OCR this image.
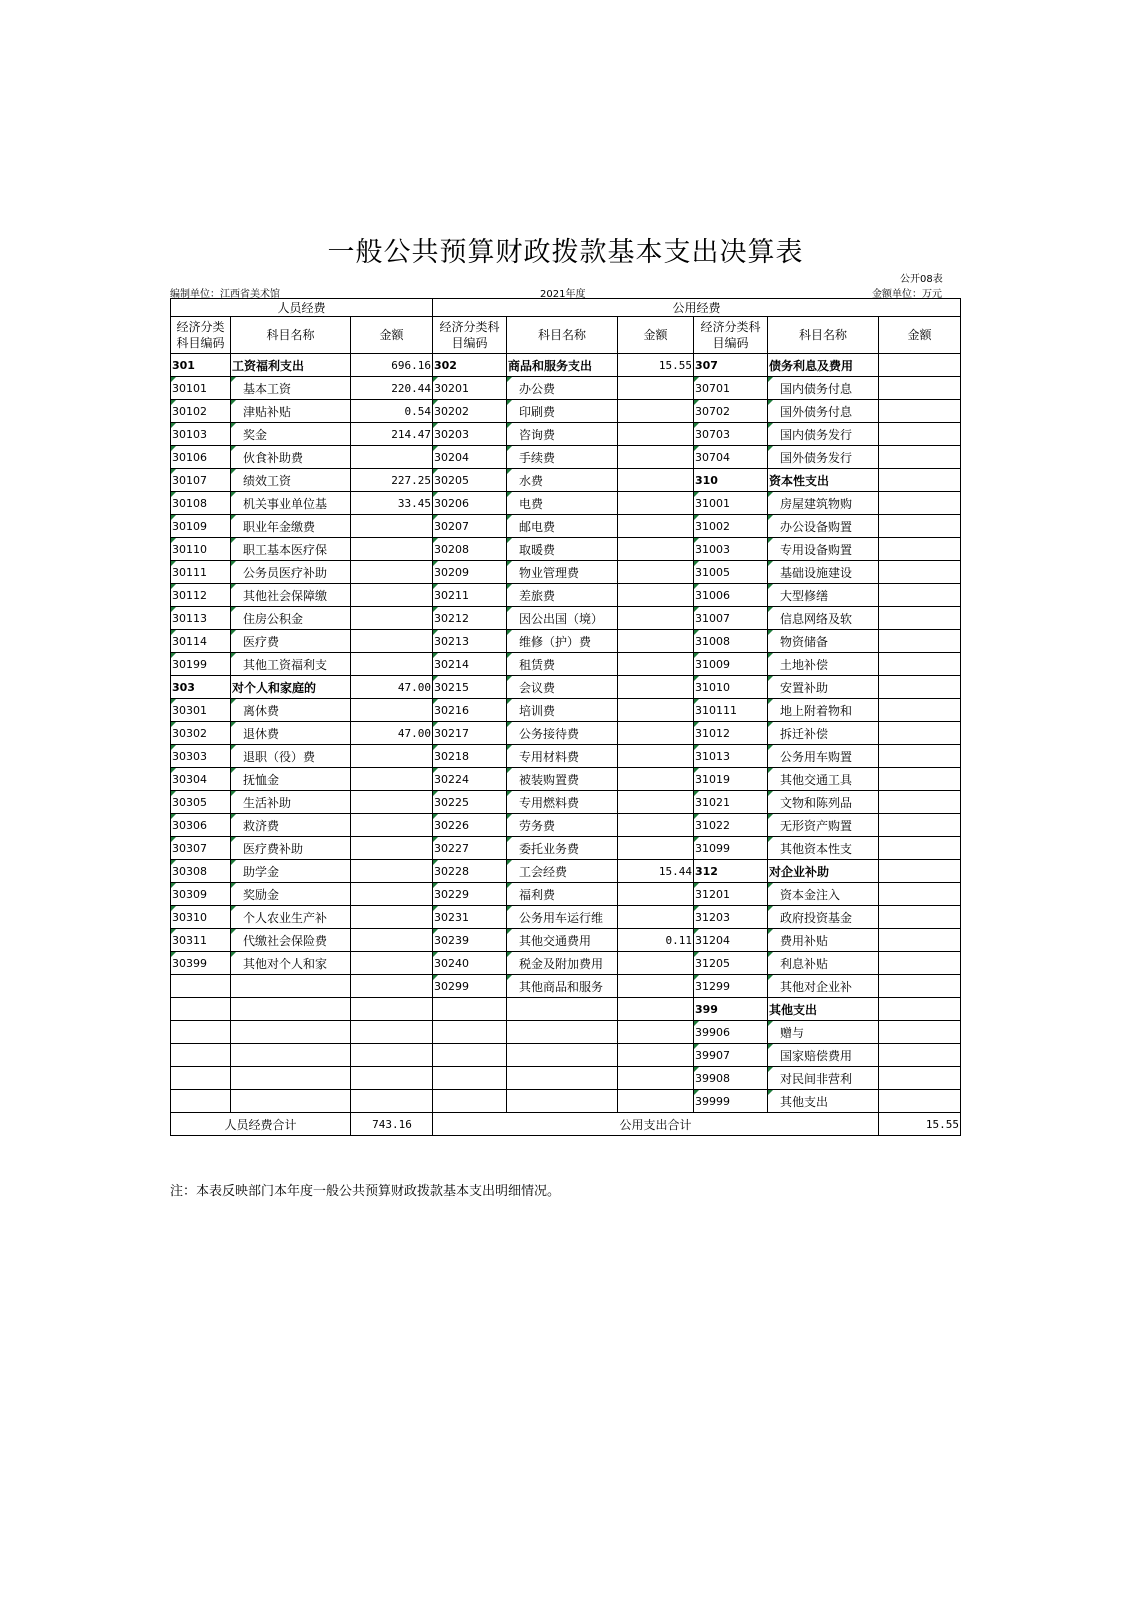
一般公共预算财政拨款基本支出决算表
公开08表
编制单位：江西省美术馆	2021年度	金额单位：万元
人员经费			公用经费					
经济分类科目编码	科目名称	金额	经济分类科目编码	科目名称	金额	经济分类科目编码	科目名称	金额
301	工资福利支出	696.16	302	商品和服务支出	15.55	307	债务利息及费用	
30101	基本工资	220.44	30201	办公费		30701	国内债务付息	
30102	津贴补贴	0.54	30202	印刷费		30702	国外债务付息	
30103	奖金	214.47	30203	咨询费		30703	国内债务发行	
30106	伙食补助费		30204	手续费		30704	国外债务发行	
30107	绩效工资	227.25	30205	水费		310	资本性支出	
30108	机关事业单位基	33.45	30206	电费		31001	房屋建筑物购	
30109	职业年金缴费		30207	邮电费		31002	办公设备购置	
30110	职工基本医疗保		30208	取暖费		31003	专用设备购置	
30111	公务员医疗补助		30209	物业管理费		31005	基础设施建设	
30112	其他社会保障缴		30211	差旅费		31006	大型修缮	
30113	住房公积金		30212	因公出国（境）		31007	信息网络及软	
30114	医疗费		30213	维修（护）费		31008	物资储备	
30199	其他工资福利支		30214	租赁费		31009	土地补偿	
303	对个人和家庭的	47.00	30215	会议费		31010	安置补助	
30301	离休费		30216	培训费		310111	地上附着物和	
30302	退休费	47.00	30217	公务接待费		31012	拆迁补偿	
30303	退职（役）费		30218	专用材料费		31013	公务用车购置	
30304	抚恤金		30224	被装购置费		31019	其他交通工具	
30305	生活补助		30225	专用燃料费		31021	文物和陈列品	
30306	救济费		30226	劳务费		31022	无形资产购置	
30307	医疗费补助		30227	委托业务费		31099	其他资本性支	
30308	助学金		30228	工会经费	15.44	312	对企业补助	
30309	奖励金		30229	福利费		31201	资本金注入	
30310	个人农业生产补		30231	公务用车运行维		31203	政府投资基金	
30311	代缴社会保险费		30239	其他交通费用	0.11	31204	费用补贴	
30399	其他对个人和家		30240	税金及附加费用		31205	利息补贴	
			30299	其他商品和服务		31299	其他对企业补	
						399	其他支出	
						39906	赠与	
						39907	国家赔偿费用	
						39908	对民间非营利	
						39999	其他支出	
人员经费合计		743.16	公用支出合计					15.55
注：本表反映部门本年度一般公共预算财政拨款基本支出明细情况。
